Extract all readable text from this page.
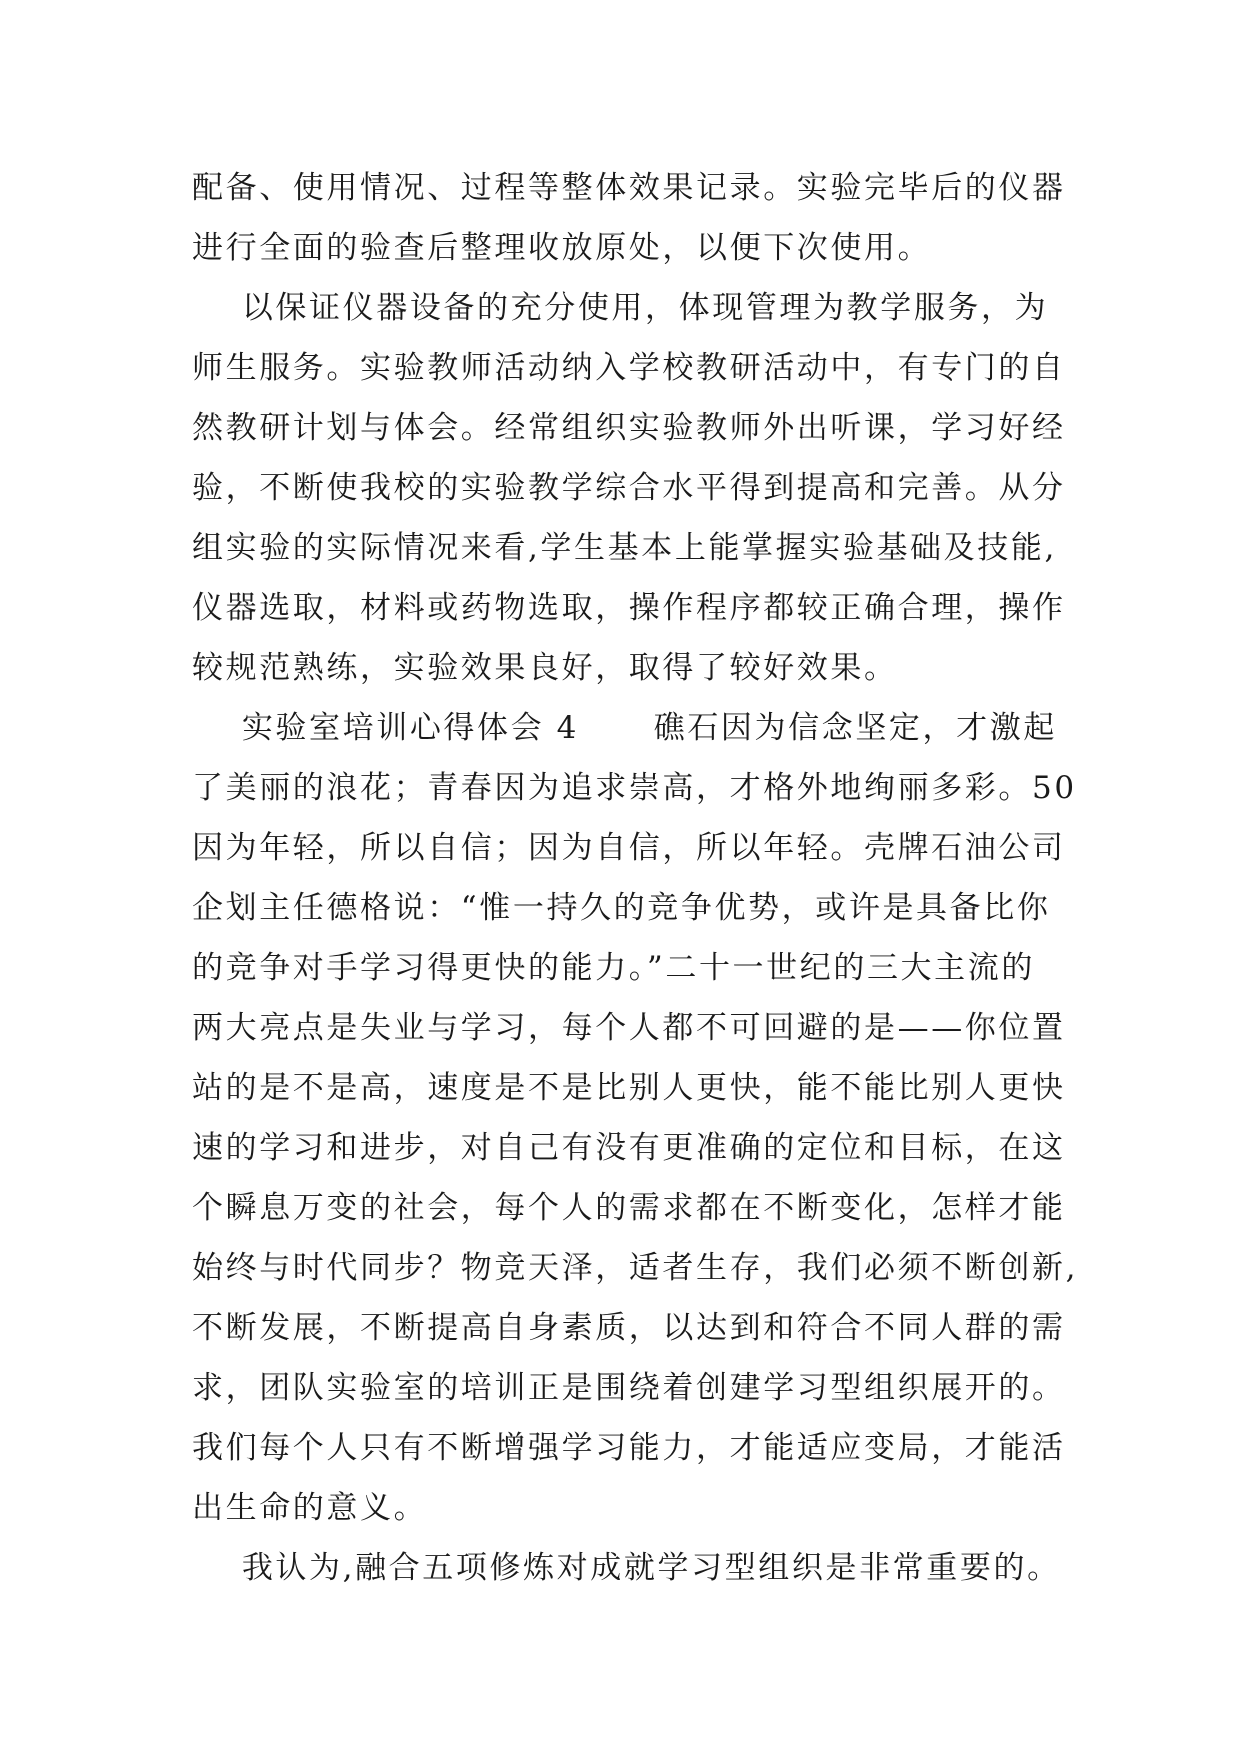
配备、使用情况、过程等整体效果记录。实验完毕后的仪器
进行全面的验查后整理收放原处，以便下次使用。
以保证仪器设备的充分使用，体现管理为教学服务，为
师生服务。实验教师活动纳入学校教研活动中，有专门的自
然教研计划与体会。经常组织实验教师外出听课，学习好经
验，不断使我校的实验教学综合水平得到提高和完善。从分
组实验的实际情况来看,学生基本上能掌握实验基础及技能,
仪器选取，材料或药物选取，操作程序都较正确合理，操作
较规范熟练，实验效果良好，取得了较好效果。
实验室培训心得体会 4      礁石因为信念坚定，才激起
了美丽的浪花；青春因为追求崇高，才格外地绚丽多彩。50
因为年轻，所以自信；因为自信，所以年轻。壳牌石油公司
企划主任德格说：“惟一持久的竞争优势，或许是具备比你
的竞争对手学习得更快的能力。”二十一世纪的三大主流的
两大亮点是失业与学习，每个人都不可回避的是——你位置
站的是不是高，速度是不是比别人更快，能不能比别人更快
速的学习和进步，对自己有没有更准确的定位和目标，在这
个瞬息万变的社会，每个人的需求都在不断变化，怎样才能
始终与时代同步？物竞天泽，适者生存，我们必须不断创新,
不断发展，不断提高自身素质，以达到和符合不同人群的需
求，团队实验室的培训正是围绕着创建学习型组织展开的。
我们每个人只有不断增强学习能力，才能适应变局，才能活
出生命的意义。
我认为,融合五项修炼对成就学习型组织是非常重要的。
